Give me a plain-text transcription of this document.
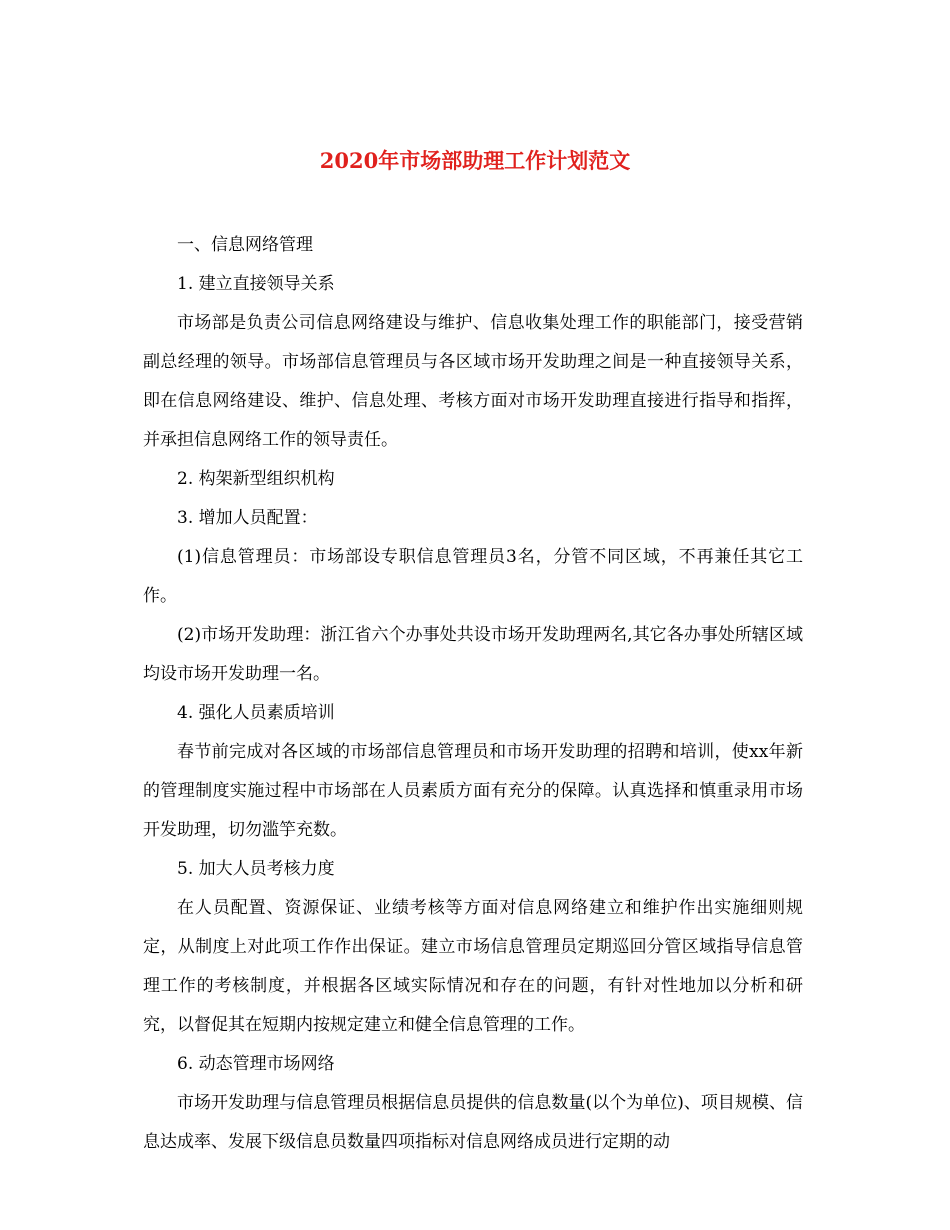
2020年市场部助理工作计划范文

一、信息网络管理

1. 建立直接领导关系

市场部是负责公司信息网络建设与维护、信息收集处理工作的职能部门，接受营销副总经理的领导。市场部信息管理员与各区域市场开发助理之间是一种直接领导关系，即在信息网络建设、维护、信息处理、考核方面对市场开发助理直接进行指导和指挥，并承担信息网络工作的领导责任。

2. 构架新型组织机构

3. 增加人员配置：

(1)信息管理员：市场部设专职信息管理员3名，分管不同区域，不再兼任其它工作。

(2)市场开发助理：浙江省六个办事处共设市场开发助理两名,其它各办事处所辖区域均设市场开发助理一名。

4. 强化人员素质培训

春节前完成对各区域的市场部信息管理员和市场开发助理的招聘和培训，使xx年新的管理制度实施过程中市场部在人员素质方面有充分的保障。认真选择和慎重录用市场开发助理，切勿滥竽充数。

5. 加大人员考核力度

在人员配置、资源保证、业绩考核等方面对信息网络建立和维护作出实施细则规定，从制度上对此项工作作出保证。建立市场信息管理员定期巡回分管区域指导信息管理工作的考核制度，并根据各区域实际情况和存在的问题，有针对性地加以分析和研究，以督促其在短期内按规定建立和健全信息管理的工作。

6. 动态管理市场网络

市场开发助理与信息管理员根据信息员提供的信息数量(以个为单位)、项目规模、信息达成率、发展下级信息员数量四项指标对信息网络成员进行定期的动
